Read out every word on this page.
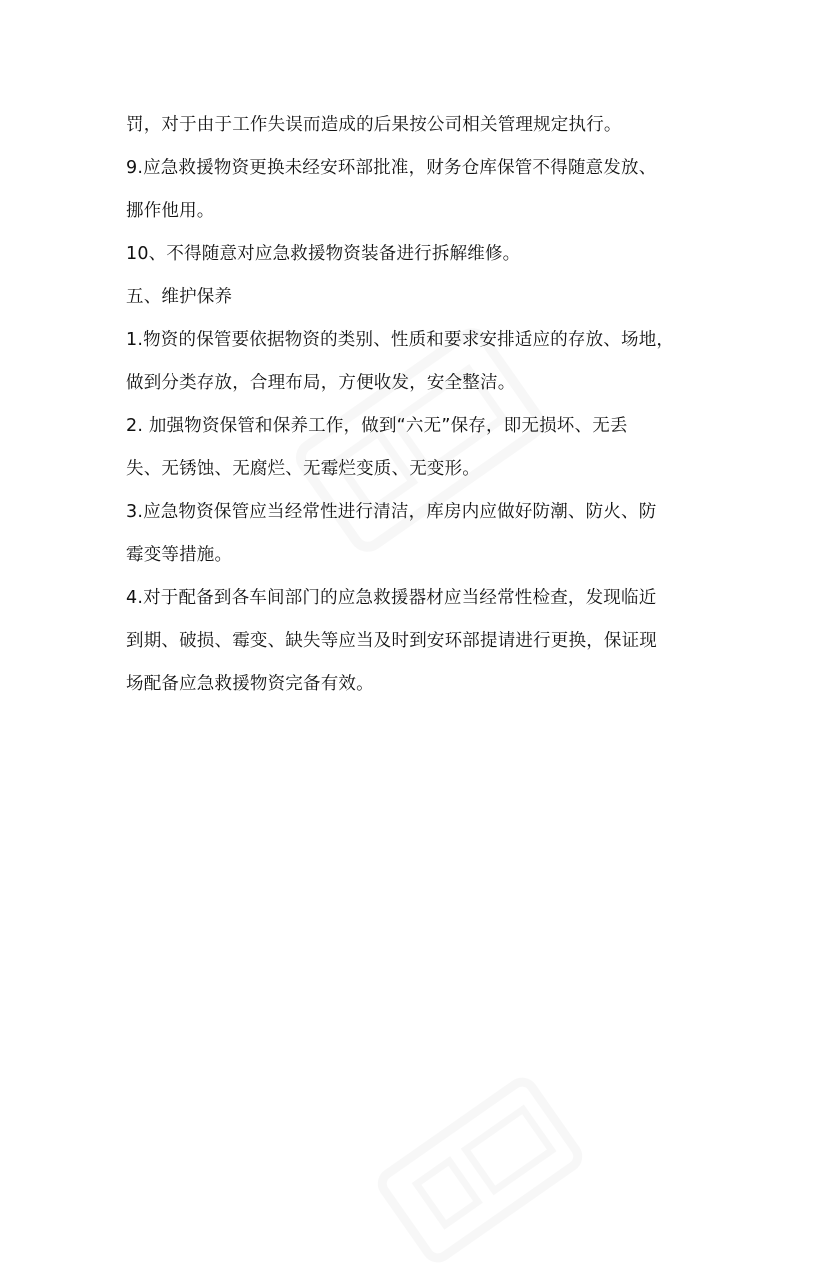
罚，对于由于工作失误而造成的后果按公司相关管理规定执行。
9.应急救援物资更换未经安环部批准，财务仓库保管不得随意发放、
挪作他用。
10、不得随意对应急救援物资装备进行拆解维修。
五、维护保养
1.物资的保管要依据物资的类别、性质和要求安排适应的存放、场地，
做到分类存放，合理布局，方便收发，安全整洁。
2. 加强物资保管和保养工作，做到“六无”保存，即无损坏、无丢
失、无锈蚀、无腐烂、无霉烂变质、无变形。
3.应急物资保管应当经常性进行清洁，库房内应做好防潮、防火、防
霉变等措施。
4.对于配备到各车间部门的应急救援器材应当经常性检查，发现临近
到期、破损、霉变、缺失等应当及时到安环部提请进行更换，保证现
场配备应急救援物资完备有效。
